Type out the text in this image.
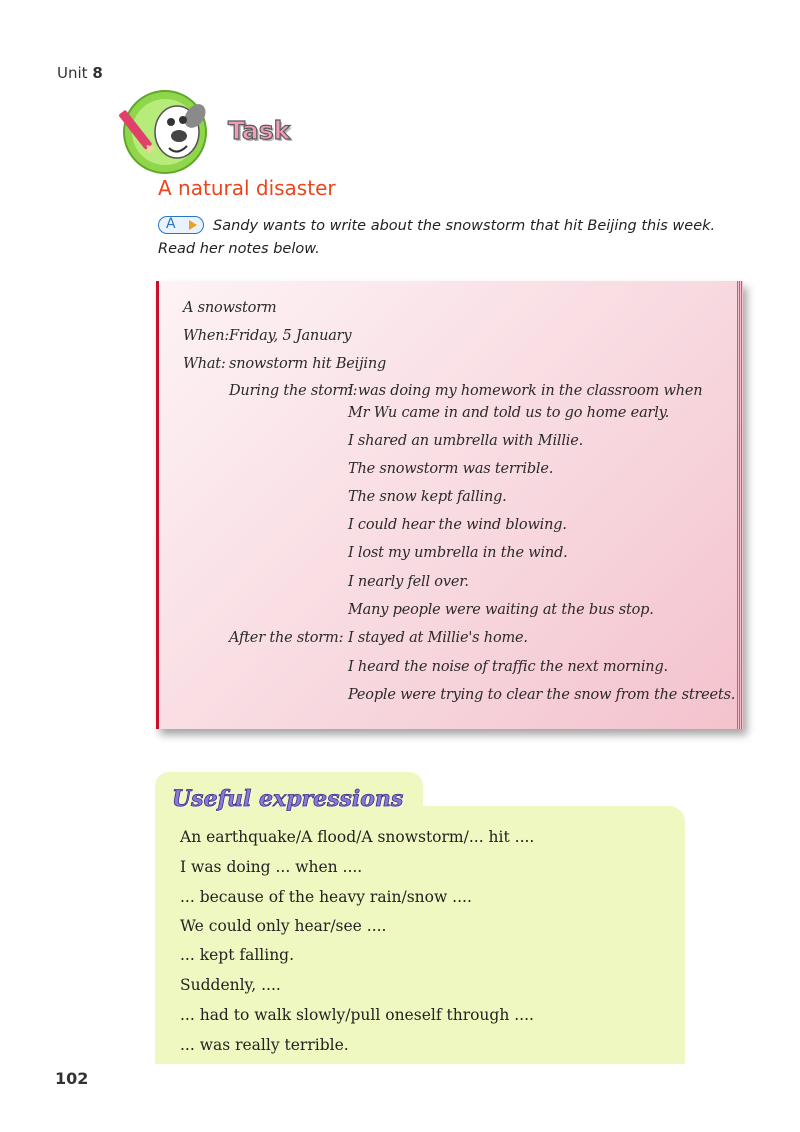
Unit 8
Task
A natural disaster
A	Sandy wants to write about the snowstorm that hit Beijing this week. Read her notes below.
A snowstorm
When: Friday, 5 January
What: snowstorm hit Beijing
During the storm:
I was doing my homework in the classroom when
Mr Wu came in and told us to go home early.
I shared an umbrella with Millie.
The snowstorm was terrible.
The snow kept falling.
I could hear the wind blowing.
I lost my umbrella in the wind.
I nearly fell over.
Many people were waiting at the bus stop.
After the storm: I stayed at Millie's home.
I heard the noise of traffic the next morning.
People were trying to clear the snow from the streets.
Useful expressions
An earthquake/A flood/A snowstorm/... hit ....
I was doing ... when ....
... because of the heavy rain/snow ....
We could only hear/see ....
... kept falling.
Suddenly, ....
... had to walk slowly/pull oneself through ....
... was really terrible.
102
